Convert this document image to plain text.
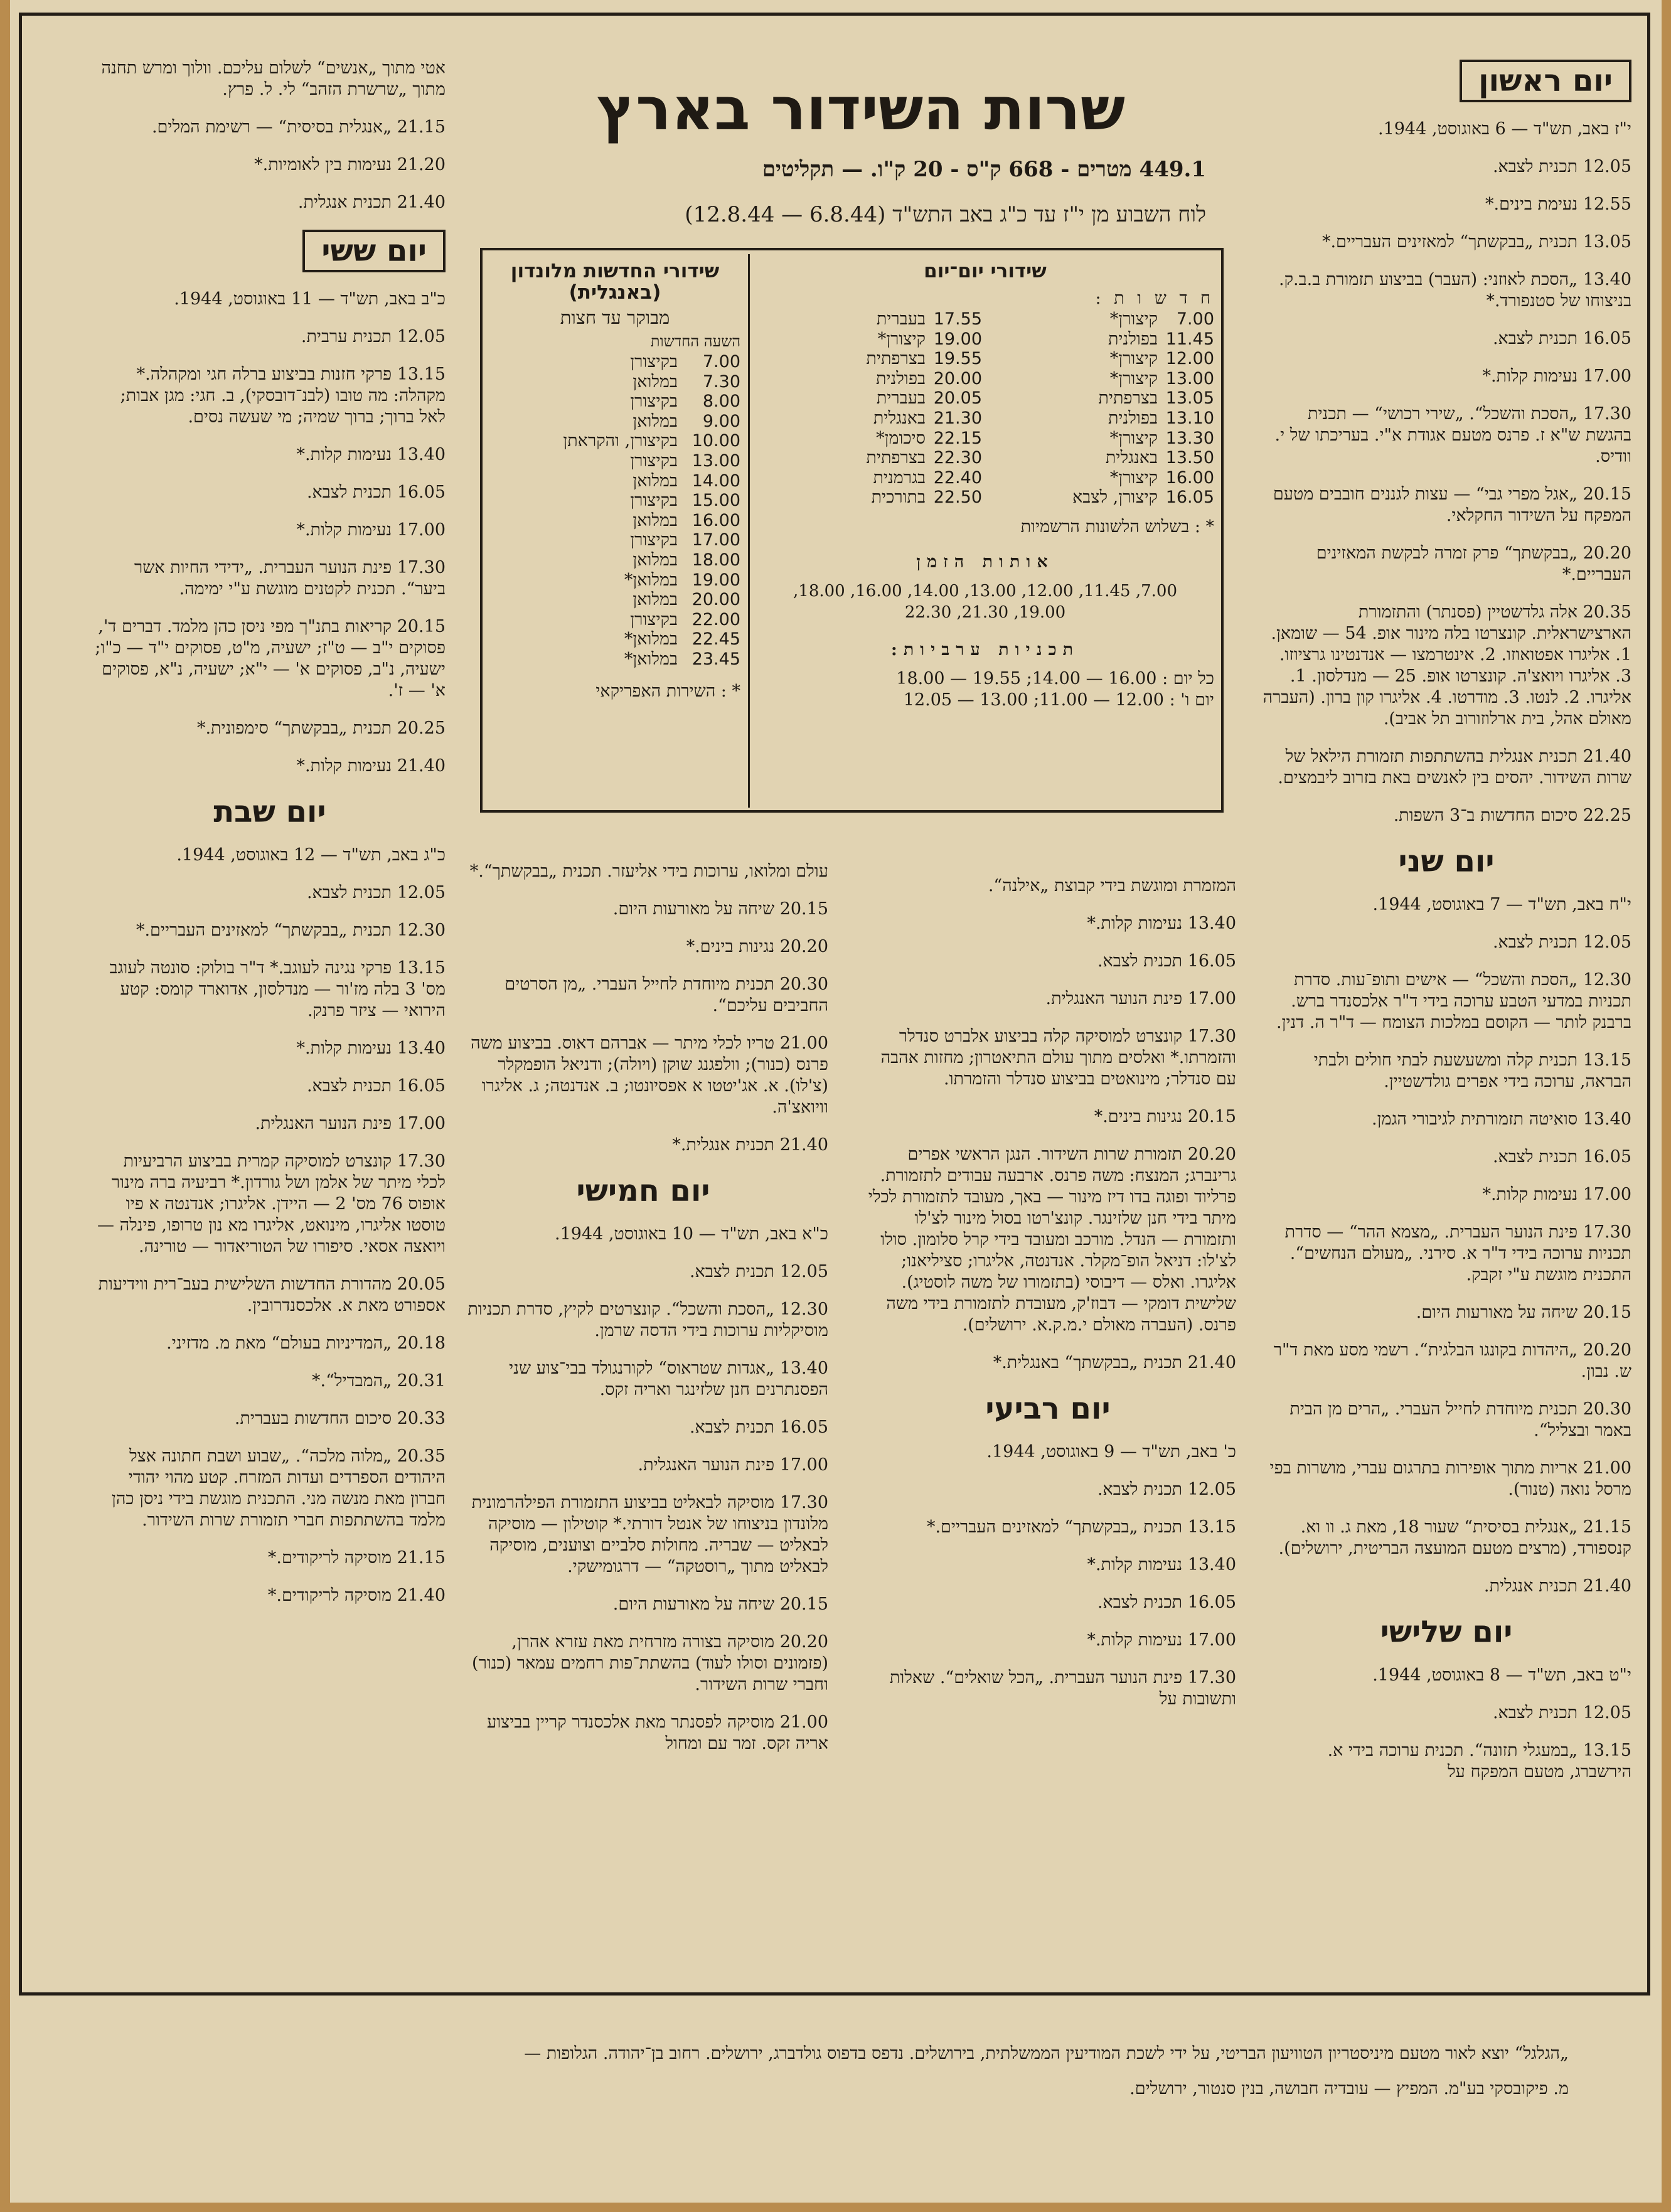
שרות השידור בארץ
449.1 מטרים - 668 ק"ס - 20 ק"ו. — תקליטים
לוח השבוע מן י"ז עד כ"ג באב התש"ד (6.8.44 — 12.8.44)
שידורי החדשות מלונדון (באנגלית)
מבוקר עד חצות
השעה החדשות
7.00בקיצורן
7.30במלואן
8.00בקיצורן
9.00במלואן
10.00בקיצורן, והקראתן
13.00בקיצורן
14.00במלואן
15.00בקיצורן
16.00במלואן
17.00בקיצורן
18.00במלואן
19.00במלואן*
20.00במלואן
22.00בקיצורן
22.45במלואן*
23.45במלואן*
* : השירות האפריקאי
שידורי יום־יום
ח ד ש ו ת :
7.00קיצורן*
11.45בפולנית
12.00קיצורן*
13.00קיצורן*
13.05בצרפתית
13.10בפולנית
13.30קיצורן*
13.50באנגלית
16.00קיצורן*
16.05קיצורן, לצבא
17.55בעברית
19.00קיצורן*
19.55בצרפתית
20.00בפולנית
20.05בעברית
21.30באנגלית
22.15סיכומן*
22.30בצרפתית
22.40בגרמנית
22.50בתורכית
* : בשלוש הלשונות הרשמיות
אותות הזמן
7.00, 11.45, 12.00, 13.00, 14.00, 16.00, 18.00,
19.00, 21.30, 22.30
תכניות ערביות:
כל יום : 16.00 — 14.00; 19.55 — 18.00
יום ו' : 12.00 — 11.00; 13.00 — 12.05

אטי מתוך „אנשים“ לשלום עליכם. וולוך ומרש תחנה מתוך „שרשרת הזהב“ לי. ל. פרץ.

21.15 „אנגלית בסיסית“ — רשימת המלים.

21.20 נעימות בין לאומיות.*

21.40 תכנית אנגלית.

יום ששי

כ"ב באב, תש"ד — 11 באוגוסט, 1944.

12.05 תכנית ערבית.

13.15 פרקי חזנות בביצוע ברלה חגי ומקהלה.* מקהלה: מה טובו (לבנ־דובסקי), ב. חגי: מגן אבות; לאל ברוך; ברוך שמיה; מי שעשה נסים.

13.40 נעימות קלות.*

16.05 תכנית לצבא.

17.00 נעימות קלות.*

17.30 פינת הנוער העברית. „ידידי החיות אשר ביער“. תכנית לקטנים מוגשת ע"י ימימה.

20.15 קריאות בתנ"ך מפי ניסן כהן מלמד. דברים ד', פסוקים י"ב — ט"ז; ישעיה, מ"ט, פסוקים י"ד — כ"ו; ישעיה, נ"ב, פסוקים א' — י"א; ישעיה, נ"א, פסוקים א' — ז'.

20.25 תכנית „בבקשתך“ סימפונית.*

21.40 נעימות קלות.*

יום שבת

כ"ג באב, תש"ד — 12 באוגוסט, 1944.

12.05 תכנית לצבא.

12.30 תכנית „בבקשתך“ למאזינים העבריים.*

13.15 פרקי נגינה לעוגב.* ד"ר בולוק: סונטה לעוגב מס' 3 בלה מז'ור — מנדלסון, אדוארד קומס: קטע הירואי — ציזר פרנק.

13.40 נעימות קלות.*

16.05 תכנית לצבא.

17.00 פינת הנוער האנגלית.

17.30 קונצרט למוסיקה קמרית בביצוע הרביעיות לכלי מיתר של אלמן ושל גורדון.* רביעיה ברה מינור אופוס 76 מס' 2 — היידן. אליגרו; אנדנטה א פיו טוסטו אליגרו, מינואט, אליגרו מא נון טרופו, פינלה — ויואצה אסאי. סיפורו של הטוריאדור — טורינה.

20.05 מהדורת החדשות השלישית בעב־רית ווידיעות אספורט מאת א. אלכסנדרובין.

20.18 „המדיניות בעולם“ מאת מ. מדזיני.

20.31 „המבדיל“.*

20.33 סיכום החדשות בעברית.

20.35 „מלוה מלכה“. „שבוע ושבת חתונה אצל היהודים הספרדים ועדות המזרח. קטע מהוי יהודי חברון מאת מנשה מני. התכנית מוגשת בידי ניסן כהן מלמד בהשתתפות חברי תזמורת שרות השידור.

21.15 מוסיקה לריקודים.*

21.40 מוסיקה לריקודים.*

עולם ומלואו, ערוכות בידי אליעזר. תכנית „בבקשתך“.*

20.15 שיחה על מאורעות היום.

20.20 נגינות בינים.*

20.30 תכנית מיוחדת לחייל העברי. „מן הסרטים החביבים עליכם“.

21.00 טריו לכלי מיתר — אברהם דאוס. בביצוע משה פרנס (כנור); וולפגנג שוקן (ויולה); ודניאל הופמקלר (צ'לו). א. אג'יטטו א אפסיונטו; ב. אנדנטה; ג. אליגרו וויואצ'ה.

21.40 תכנית אנגלית.*

יום חמישי

כ"א באב, תש"ד — 10 באוגוסט, 1944.

12.05 תכנית לצבא.

12.30 „הסכת והשכל“. קונצרטים לקיץ, סדרת תכניות מוסיקליות ערוכות בידי הדסה שרמן.

13.40 „אגדות שטראוס“ לקורנגולד בבי־צוע שני הפסנתרנים חנן שלזינגר ואריה זקס.

16.05 תכנית לצבא.

17.00 פינת הנוער האנגלית.

17.30 מוסיקה לבאליט בביצוע התזמורת הפילהרמונית מלונדון בניצוחו של אנטל דורתי.* קוטילון — מוסיקה לבאליט — שבריה. מחולות סלביים וצוענים, מוסיקה לבאליט מתוך „רוסטקה“ — דרגומישקי.

20.15 שיחה על מאורעות היום.

20.20 מוסיקה בצורה מזרחית מאת עזרא אהרן, (פזמונים וסולו לעוד) בהשתת־פות רחמים עמאר (כנור) וחברי שרות השידור.

21.00 מוסיקה לפסנתר מאת אלכסנדר קריין בביצוע אריה זקס. זמר עם ומחול

המזמרת ומוגשת בידי קבוצת „אילנה“.

13.40 נעימות קלות.*

16.05 תכנית לצבא.

17.00 פינת הנוער האנגלית.

17.30 קונצרט למוסיקה קלה בביצוע אלברט סנדלר והזמרתו.* ואלסים מתוך עולם התיאטרון; מחזות אהבה עם סנדלר; מינואטים בביצוע סנדלר והזמרתו.

20.15 נגינות בינים.*

20.20 תזמורת שרות השידור. הנגן הראשי אפרים גרינברג; המנצח: משה פרנס. ארבעה עבודים לתזמורת. פרליוד ופוגה בדו דיז מינור — באך, מעובד לתזמורת לכלי מיתר בידי חנן שלזינגר. קונצ'רטו בסול מינור לצ'לו ותזמורת — הנדל. מורכב ומעובד בידי קרל סלומון. סולו לצ'לו: דניאל הופ־מקלר. אנדנטה, אליגרו; סציליאנו; אליגרו. ואלס — דיבוסי (בתזמורו של משה לוסטיג). שלישית דומקי — דבוז'ק, מעובדת לתזמורת בידי משה פרנס. (העברה מאולם י.מ.ק.א. ירושלים).

21.40 תכנית „בבקשתך“ באנגלית.*

יום רביעי

כ' באב, תש"ד — 9 באוגוסט, 1944.

12.05 תכנית לצבא.

13.15 תכנית „בבקשתך“ למאזינים העבריים.*

13.40 נעימות קלות.*

16.05 תכנית לצבא.

17.00 נעימות קלות.*

17.30 פינת הנוער העברית. „הכל שואלים“. שאלות ותשובות על

יום ראשון

י"ז באב, תש"ד — 6 באוגוסט, 1944.

12.05 תכנית לצבא.

12.55 נעימת בינים.*

13.05 תכנית „בבקשתך“ למאזינים העבריים.*

13.40 „הסכת לאוזני: (העבר) בביצוע תזמורת ב.ב.ק. בניצוחו של סטנפורד.*

16.05 תכנית לצבא.

17.00 נעימות קלות.*

17.30 „הסכת והשכל“. „שירי רכושי“ — תכנית בהגשת ש"א ז. פרנס מטעם אגודת א"י. בעריכתו של י. וודיס.

20.15 „אגל מפרי גבי“ — עצות לגננים חובבים מטעם המפקח על השידור החקלאי.

20.20 „בבקשתך“ פרק זמרה לבקשת המאזינים העבריים.*

20.35 אלה גלדשטיין (פסנתר) והתזמורת הארצישראלית. קונצרטו בלה מינור אופ. 54 — שומאן. 1. אליגרו אפטואוזו. 2. אינטרמצו — אנדנטינו גרציוזו. 3. אליגרו ויואצ'ה. קונצרטו אופ. 25 — מנדלסון. 1. אליגרו. 2. לנטו. 3. מודרטו. 4. אליגרו קון ברון. (העברה מאולם אהל, בית ארלוזורוב תל אביב).

21.40 תכנית אנגלית בהשתתפות תזמורת הילאל של שרות השידור. יהסים בין לאנשים באת בזרוב ליבמצים.

22.25 סיכום החדשות ב־3 השפות.

יום שני

י"ח באב, תש"ד — 7 באוגוסט, 1944.

12.05 תכנית לצבא.

12.30 „הסכת והשכל“ — אישים ותופ־עות. סדרת תכניות במדעי הטבע ערוכה בידי ד"ר אלכסנדר ברש. ברבנק לותר — הקוסם במלכות הצומח — ד"ר ה. דנין.

13.15 תכנית קלה ומשעשעת לבתי חולים ולבתי הבראה, ערוכה בידי אפרים גולדשטיין.

13.40 סואיטה תזמורתית לגיבורי הגמן.

16.05 תכנית לצבא.

17.00 נעימות קלות.*

17.30 פינת הנוער העברית. „מצמא ההר“ — סדרת תכניות ערוכה בידי ד"ר א. סירני. „מעולם הנחשים“. התכנית מוגשת ע"י זקבק.

20.15 שיחה על מאורעות היום.

20.20 „היהדות בקונגו הבלגית“. רשמי מסע מאת ד"ר ש. נבון.

20.30 תכנית מיוחדת לחייל העברי. „הרים מן הבית באמר ובצליל“.

21.00 אריות מתוך אופירות בתרגום עברי, מושרות בפי מרסל נואה (טנור).

21.15 „אנגלית בסיסית“ שעור 18, מאת ג. וו וא. קנספורד, (מרצים מטעם המועצה הבריטית, ירושלים).

21.40 תכנית אנגלית.

יום שלישי

י"ט באב, תש"ד — 8 באוגוסט, 1944.

12.05 תכנית לצבא.

13.15 „במעגלי תזונה“. תכנית ערוכה בידי א. הירשברג, מטעם המפקח על

„הגלגל“ יוצא לאור מטעם מיניסטריון הטוויעון הבריטי, על ידי לשכת המודיעין הממשלתית, בירושלים. נדפס בדפוס גולדברג, ירושלים. רחוב בן־יהודה. הגלופות —
מ. פיקובסקי בע"מ. המפיץ — עובדיה חבושה, בנין סנטור, ירושלים.
